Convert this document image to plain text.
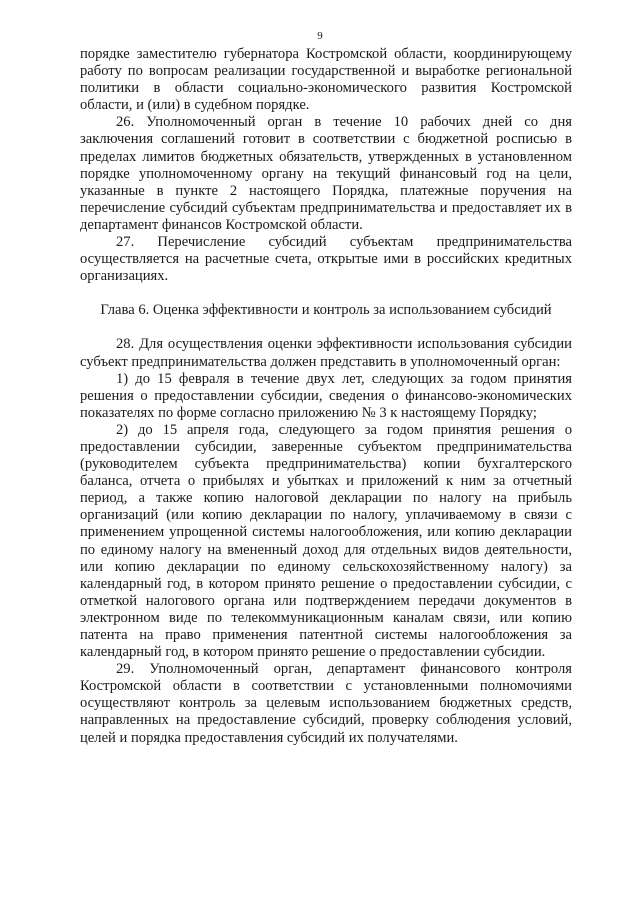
9

порядке заместителю губернатора Костромской области, координирующему работу по вопросам реализации государственной и выработке региональной политики в области социально-экономического развития Костромской области, и (или) в судебном порядке.

26. Уполномоченный орган в течение 10 рабочих дней со дня заключения соглашений готовит в соответствии с бюджетной росписью в пределах лимитов бюджетных обязательств, утвержденных в установленном порядке уполномоченному органу на текущий финансовый год на цели, указанные в пункте 2 настоящего Порядка, платежные поручения на перечисление субсидий субъектам предпринимательства и предоставляет их в департамент финансов Костромской области.

27. Перечисление субсидий субъектам предпринимательства осуществляется на расчетные счета, открытые ими в российских кредитных организациях.

Глава 6. Оценка эффективности и контроль за использованием субсидий

28. Для осуществления оценки эффективности использования субсидии субъект предпринимательства должен представить в уполномоченный орган:

1) до 15 февраля в течение двух лет, следующих за годом принятия решения о предоставлении субсидии, сведения о финансово-экономических показателях по форме согласно приложению № 3 к настоящему Порядку;

2) до 15 апреля года, следующего за годом принятия решения о предоставлении субсидии, заверенные субъектом предпринимательства (руководителем субъекта предпринимательства) копии бухгалтерского баланса, отчета о прибылях и убытках и приложений к ним за отчетный период, а также копию налоговой декларации по налогу на прибыль организаций (или копию декларации по налогу, уплачиваемому в связи с применением упрощенной системы налогообложения, или копию декларации по единому налогу на вмененный доход для отдельных видов деятельности, или копию декларации по единому сельскохозяйственному налогу) за календарный год, в котором принято решение о предоставлении субсидии, с отметкой налогового органа или подтверждением передачи документов в электронном виде по телекоммуникационным каналам связи, или копию патента на право применения патентной системы налогообложения за календарный год, в котором принято решение о предоставлении субсидии.

29. Уполномоченный орган, департамент финансового контроля Костромской области в соответствии с установленными полномочиями осуществляют контроль за целевым использованием бюджетных средств, направленных на предоставление субсидий, проверку соблюдения условий, целей и порядка предоставления субсидий их получателями.
